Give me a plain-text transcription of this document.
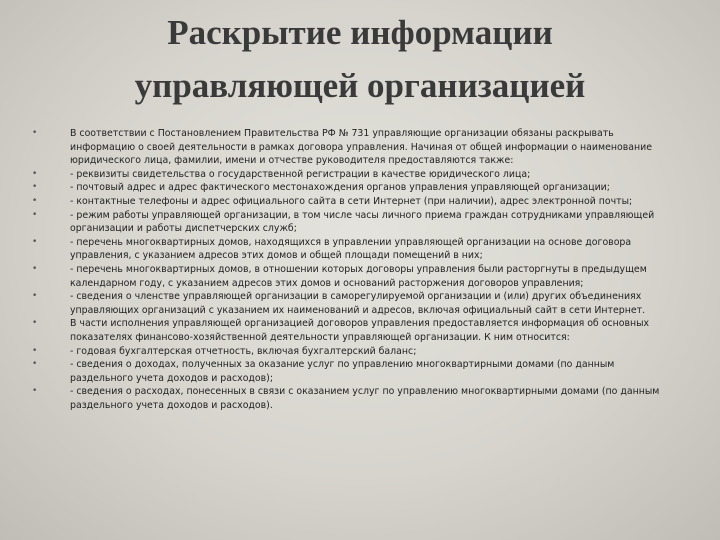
Раскрытие информации
управляющей организацией
• В соответствии с Постановлением Правительства РФ № 731 управляющие организации обязаны раскрывать информацию о своей деятельности в рамках договора управления. Начиная от общей информации о наименование юридического лица, фамилии, имени и отчестве руководителя предоставляются также:
• - реквизиты свидетельства о государственной регистрации в качестве юридического лица;
• - почтовый адрес и адрес фактического местонахождения органов управления управляющей организации;
• - контактные телефоны и адрес официального сайта в сети Интернет (при наличии), адрес электронной почты;
• - режим работы управляющей организации, в том числе часы личного приема граждан сотрудниками управляющей организации и работы диспетчерских служб;
• - перечень многоквартирных домов, находящихся в управлении управляющей организации на основе договора управления, с указанием адресов этих домов и общей площади помещений в них;
• - перечень многоквартирных домов, в отношении которых договоры управления были расторгнуты в предыдущем календарном году, с указанием адресов этих домов и оснований расторжения договоров управления;
• - сведения о членстве управляющей организации в саморегулируемой организации и (или) других объединениях управляющих организаций с указанием их наименований и адресов, включая официальный сайт в сети Интернет.
• В части исполнения управляющей организацией договоров управления предоставляется информация об основных показателях финансово-хозяйственной деятельности управляющей организации. К ним относится:
• - годовая бухгалтерская отчетность, включая бухгалтерский баланс;
• - сведения о доходах, полученных за оказание услуг по управлению многоквартирными домами (по данным раздельного учета доходов и расходов);
• - сведения о расходах, понесенных в связи с оказанием услуг по управлению многоквартирными домами (по данным раздельного учета доходов и расходов).
